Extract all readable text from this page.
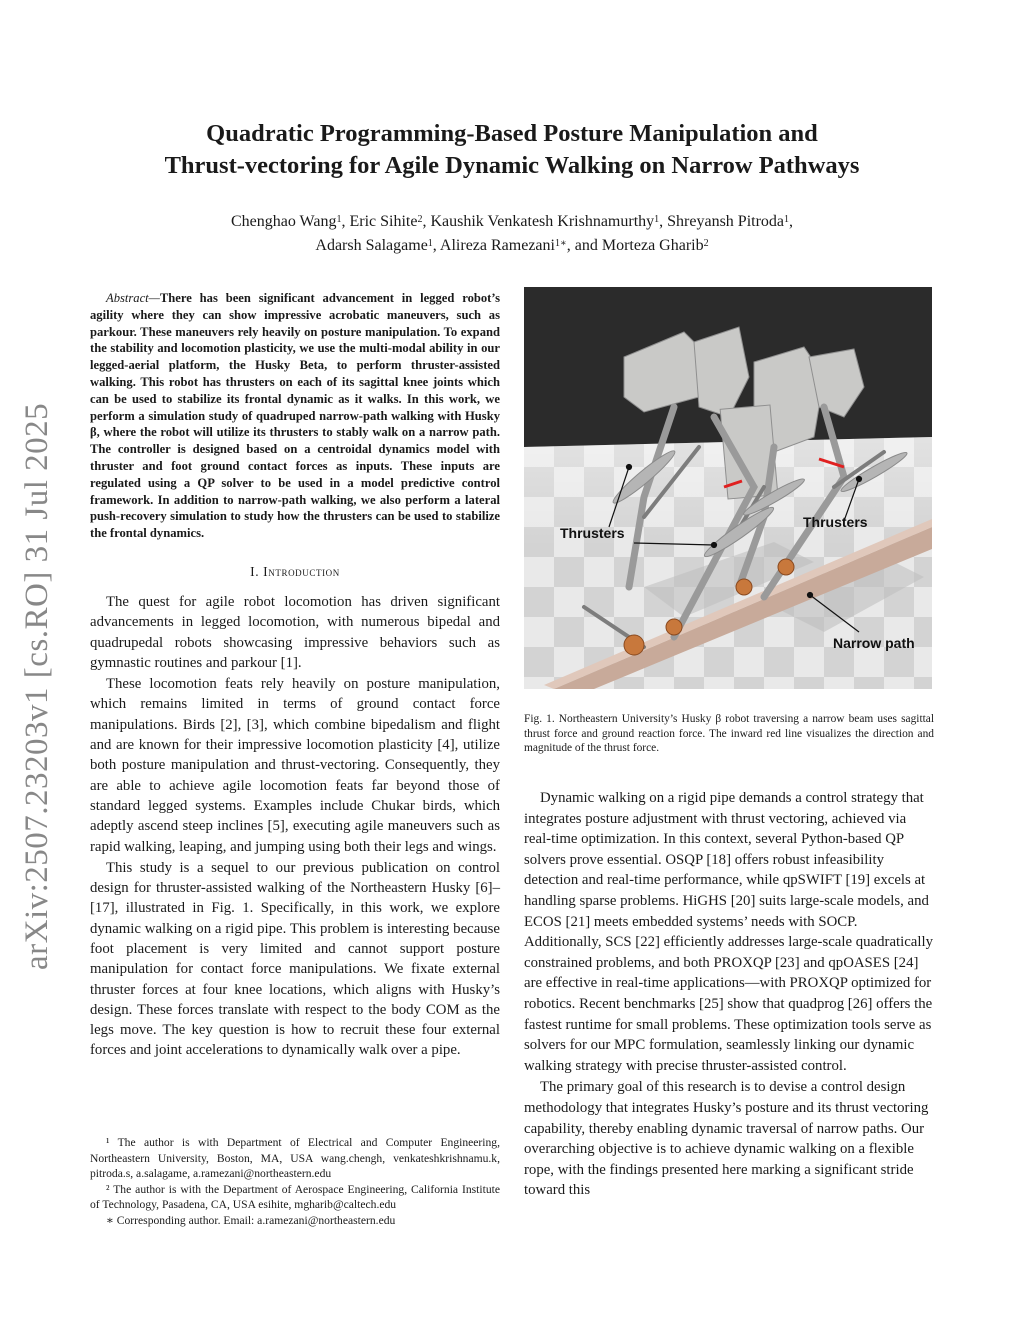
arXiv:2507.23203v1 [cs.RO] 31 Jul 2025
Quadratic Programming-Based Posture Manipulation and
Thrust-vectoring for Agile Dynamic Walking on Narrow Pathways

Chenghao Wang$^1$, Eric Sihite$^2$, Kaushik Venkatesh Krishnamurthy$^1$, Shreyansh Pitroda$^1$,
Adarsh Salagame$^1$, Alireza Ramezani$^{1∗}$, and Morteza Gharib$^2$

Abstract—There has been significant advancement in legged robot’s agility where they can show impressive acrobatic maneuvers, such as parkour. These maneuvers rely heavily on posture manipulation. To expand the stability and locomotion plasticity, we use the multi-modal ability in our legged-aerial platform, the Husky Beta, to perform thruster-assisted walking. This robot has thrusters on each of its sagittal knee joints which can be used to stabilize its frontal dynamic as it walks. In this work, we perform a simulation study of quadruped narrow-path walking with Husky β, where the robot will utilize its thrusters to stably walk on a narrow path. The controller is designed based on a centroidal dynamics model with thruster and foot ground contact forces as inputs. These inputs are regulated using a QP solver to be used in a model predictive control framework. In addition to narrow-path walking, we also perform a lateral push-recovery simulation to study how the thrusters can be used to stabilize the frontal dynamics.

I. Introduction

The quest for agile robot locomotion has driven significant advancements in legged locomotion, with numerous bipedal and quadrupedal robots showcasing impressive behaviors such as gymnastic routines and parkour [1].

These locomotion feats rely heavily on posture manipulation, which remains limited in terms of ground contact force manipulations. Birds [2], [3], which combine bipedalism and flight and are known for their impressive locomotion plasticity [4], utilize both posture manipulation and thrust-vectoring. Consequently, they are able to achieve agile locomotion feats far beyond those of standard legged systems. Examples include Chukar birds, which adeptly ascend steep inclines [5], executing agile maneuvers such as rapid walking, leaping, and jumping using both their legs and wings.

This study is a sequel to our previous publication on control design for thruster-assisted walking of the Northeastern Husky [6]–[17], illustrated in Fig. 1. Specifically, in this work, we explore dynamic walking on a rigid pipe. This problem is interesting because foot placement is very limited and cannot support posture manipulation for contact force manipulations. We fixate external thruster forces at four knee locations, which aligns with Husky’s design. These forces translate with respect to the body COM as the legs move. The key question is how to recruit these four external forces and joint accelerations to dynamically walk over a pipe.

¹ The author is with Department of Electrical and Computer Engineering, Northeastern University, Boston, MA, USA wang.chengh, venkateshkrishnamu.k, pitroda.s, a.salagame, a.ramezani@northeastern.edu

² The author is with the Department of Aerospace Engineering, California Institute of Technology, Pasadena, CA, USA esihite, mgharib@caltech.edu

∗ Corresponding author. Email: a.ramezani@northeastern.edu

Thrusters
Thrusters
Narrow path

Fig. 1. Northeastern University’s Husky β robot traversing a narrow beam uses sagittal thrust force and ground reaction force. The inward red line visualizes the direction and magnitude of the thrust force.

Dynamic walking on a rigid pipe demands a control strategy that integrates posture adjustment with thrust vectoring, achieved via real-time optimization. In this context, several Python-based QP solvers prove essential. OSQP [18] offers robust infeasibility detection and real-time performance, while qpSWIFT [19] excels at handling sparse problems. HiGHS [20] suits large-scale models, and ECOS [21] meets embedded systems’ needs with SOCP. Additionally, SCS [22] efficiently addresses large-scale quadratically constrained problems, and both PROXQP [23] and qpOASES [24] are effective in real-time applications—with PROXQP optimized for robotics. Recent benchmarks [25] show that quadprog [26] offers the fastest runtime for small problems. These optimization tools serve as solvers for our MPC formulation, seamlessly linking our dynamic walking strategy with precise thruster-assisted control.

The primary goal of this research is to devise a control design methodology that integrates Husky’s posture and its thrust vectoring capability, thereby enabling dynamic traversal of narrow paths. Our overarching objective is to achieve dynamic walking on a flexible rope, with the findings presented here marking a significant stride toward this
